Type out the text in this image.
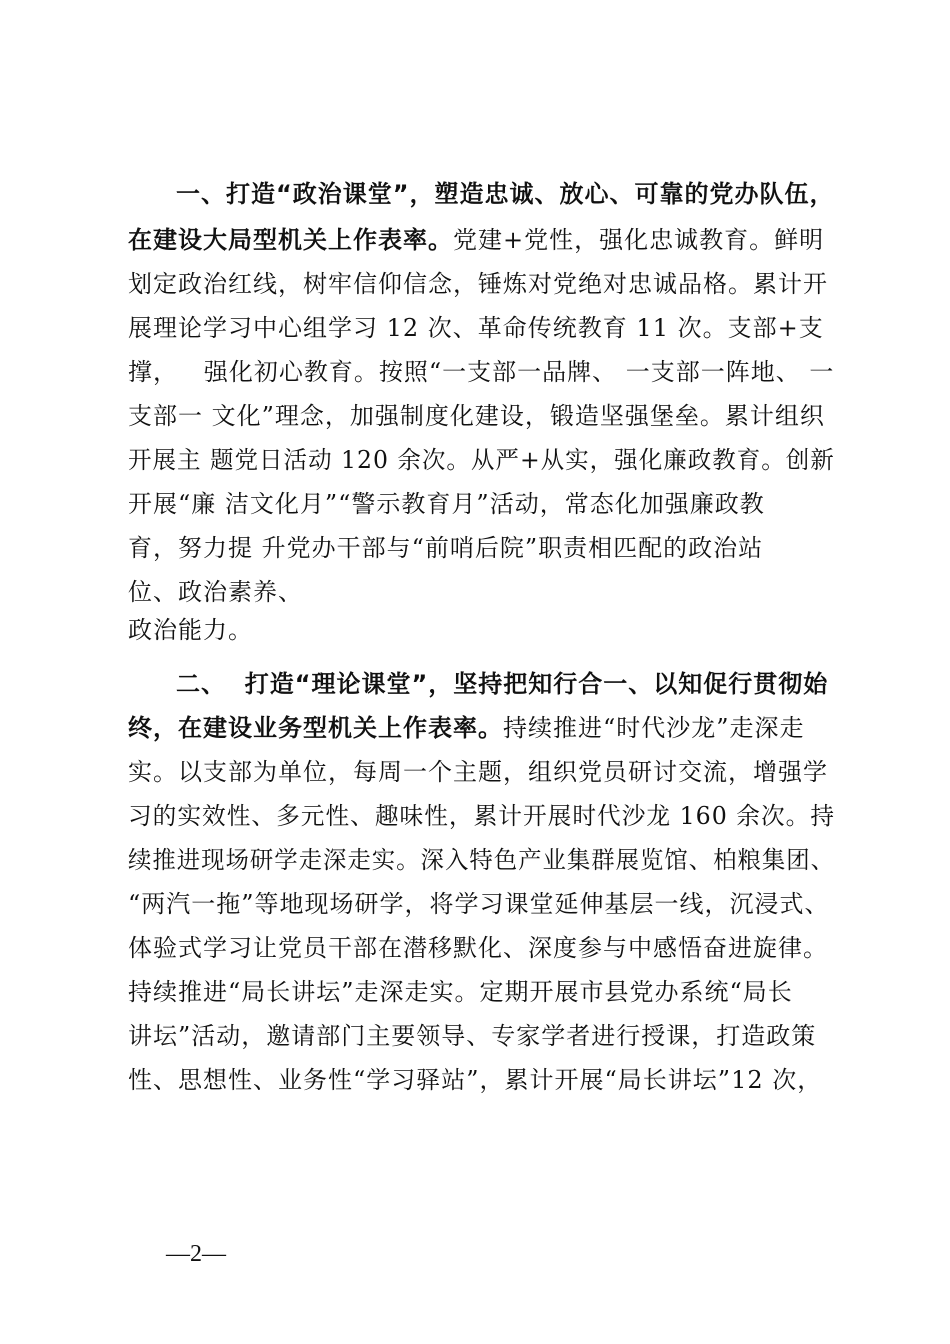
一、打造“政治课堂”，塑造忠诚、放心、可靠的党办队伍，
在建设大局型机关上作表率。党建+党性，强化忠诚教育。鲜明
划定政治红线，树牢信仰信念，锤炼对党绝对忠诚品格。累计开
展理论学习中心组学习 12 次、革命传统教育 11 次。支部+支
撑，   强化初心教育。按照“一支部一品牌、 一支部一阵地、 一
支部一 文化”理念，加强制度化建设，锻造坚强堡垒。累计组织
开展主 题党日活动 120 余次。从严+从实，强化廉政教育。创新
开展“廉 洁文化月”“警示教育月”活动，常态化加强廉政教
育，努力提 升党办干部与“前哨后院”职责相匹配的政治站
位、政治素养、
政治能力。
二、  打造“理论课堂”，坚持把知行合一、以知促行贯彻始
终，在建设业务型机关上作表率。持续推进“时代沙龙”走深走
实。以支部为单位，每周一个主题，组织党员研讨交流，增强学
习的实效性、多元性、趣味性，累计开展时代沙龙 160 余次。持
续推进现场研学走深走实。深入特色产业集群展览馆、柏粮集团、
“两汽一拖”等地现场研学，将学习课堂延伸基层一线，沉浸式、
体验式学习让党员干部在潜移默化、深度参与中感悟奋进旋律。
持续推进“局长讲坛”走深走实。定期开展市县党办系统“局长
讲坛”活动，邀请部门主要领导、专家学者进行授课，打造政策
性、思想性、业务性“学习驿站”，累计开展“局长讲坛”12 次，
—2—
